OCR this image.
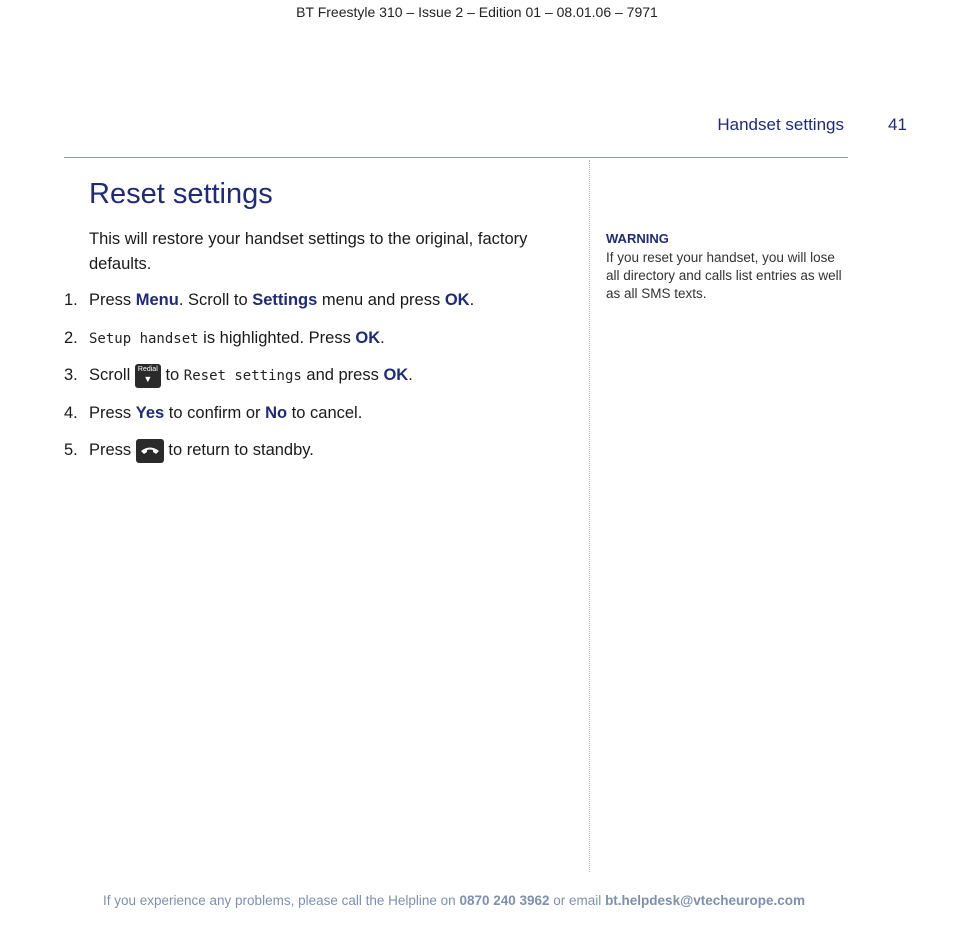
BT Freestyle 310 – Issue 2 – Edition 01 – 08.01.06 – 7971
Handset settings	41
Reset settings

This will restore your handset settings to the original, factory defaults.

1. Press Menu. Scroll to Settings menu and press OK.
2. Setup handset is highlighted. Press OK.
3. Scroll Redial
▼ to Reset settings and press OK.
4. Press Yes to confirm or No to cancel.
5. Press
to return to standby.
WARNING
If you reset your handset, you will lose all directory and calls list entries as well as all SMS texts.
If you experience any problems, please call the Helpline on 0870 240 3962 or email bt.helpdesk@vtecheurope.com
